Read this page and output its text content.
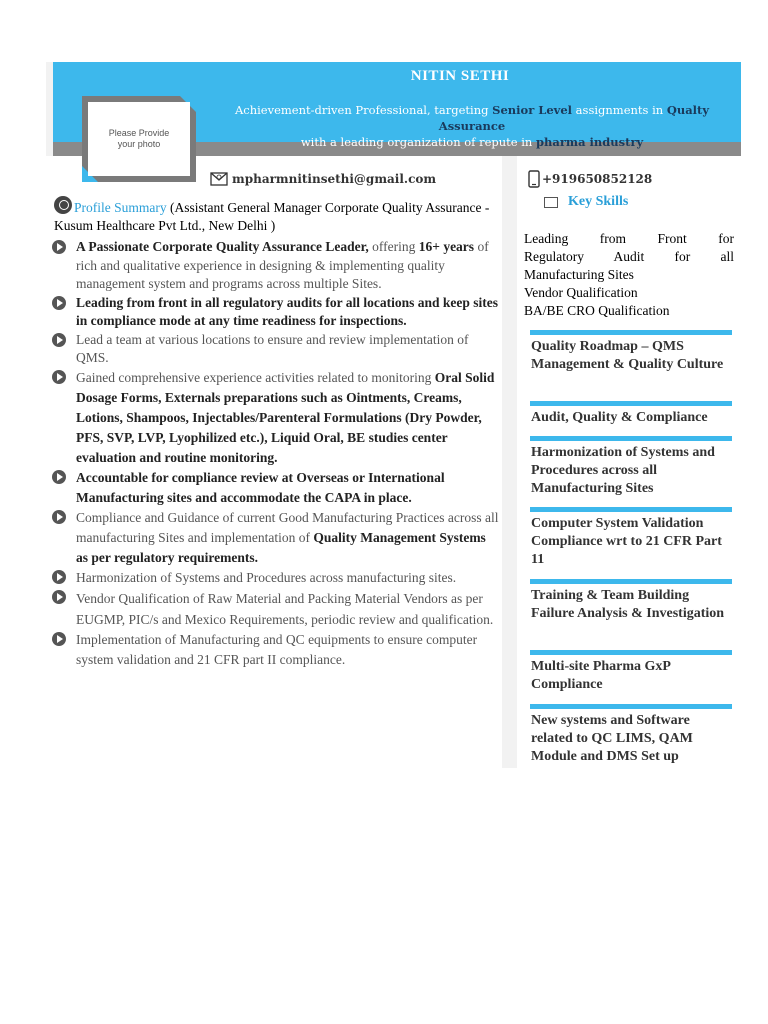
NITIN SETHI
Achievement-driven Professional, targeting Senior Level assignments in Qualty Assurance
with a leading organization of repute in pharma industry
Please Provide your photo
mpharmnitinsethi@gmail.com	+919650852128
Profile Summary (Assistant General Manager Corporate Quality Assurance - Kusum Healthcare Pvt Ltd., New Delhi )
A Passionate Corporate Quality Assurance Leader, offering 16+ years of rich and qualitative experience in designing & implementing quality management system and programs across multiple Sites.
Leading from front in all regulatory audits for all locations and keep sites in compliance mode at any time readiness for inspections.
Lead a team at various locations to ensure and review implementation of QMS.
Gained comprehensive experience activities related to monitoring Oral Solid Dosage Forms, Externals preparations such as Ointments, Creams, Lotions, Shampoos, Injectables/Parenteral Formulations (Dry Powder, PFS, SVP, LVP, Lyophilized etc.), Liquid Oral, BE studies center evaluation and routine monitoring.
Accountable for compliance review at Overseas or International Manufacturing sites and accommodate the CAPA in place.
Compliance and Guidance of current Good Manufacturing Practices across all manufacturing Sites and implementation of Quality Management Systems as per regulatory requirements.
Harmonization of Systems and Procedures across manufacturing sites.
Vendor Qualification of Raw Material and Packing Material Vendors as per EUGMP, PIC/s and Mexico Requirements, periodic review and qualification.
Implementation of Manufacturing and QC equipments to ensure computer system validation and 21 CFR part II compliance.
Key Skills
Leading from Front for
Regulatory Audit for all
Manufacturing Sites
Vendor Qualification
BA/BE CRO Qualification
Quality Roadmap – QMS Management & Quality Culture
Audit, Quality & Compliance
Harmonization of Systems and Procedures across all Manufacturing Sites
Computer System Validation Compliance wrt to 21 CFR Part 11
Training & Team Building Failure Analysis & Investigation
Multi-site Pharma GxP Compliance
New systems and Software related to QC LIMS, QAM Module and DMS Set up
